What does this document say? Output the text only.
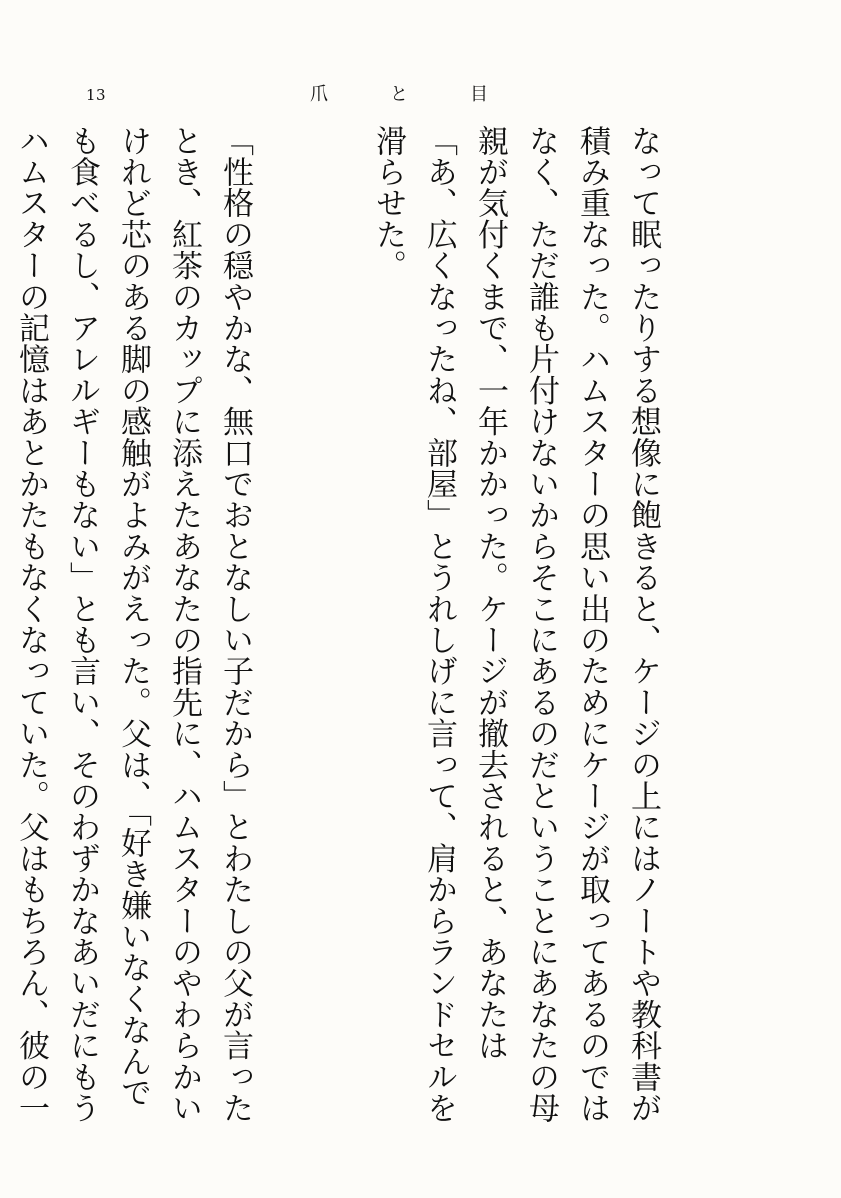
13	爪	と	目

なって眠ったりする想像に飽きると、ケージの上にはノートや教科書が積み重なった。ハムスターの思い出のためにケージが取ってあるのではなく、ただ誰も片付けないからそこにあるのだということにあなたの母親が気付くまで、一年かかった。ケージが撤去されると、あなたは「あ、広くなったね、部屋」とうれしげに言って、肩からランドセルを滑らせた。

「性格の穏やかな、無口でおとなしい子だから」とわたしの父が言ったとき、紅茶のカップに添えたあなたの指先に、ハムスターのやわらかいけれど芯のある脚の感触がよみがえった。父は、「好き嫌いなくなんでも食べるし、アレルギーもない」とも言い、そのわずかなあいだにもうハムスターの記憶はあとかたもなくなっていた。父はもちろん、彼の一
